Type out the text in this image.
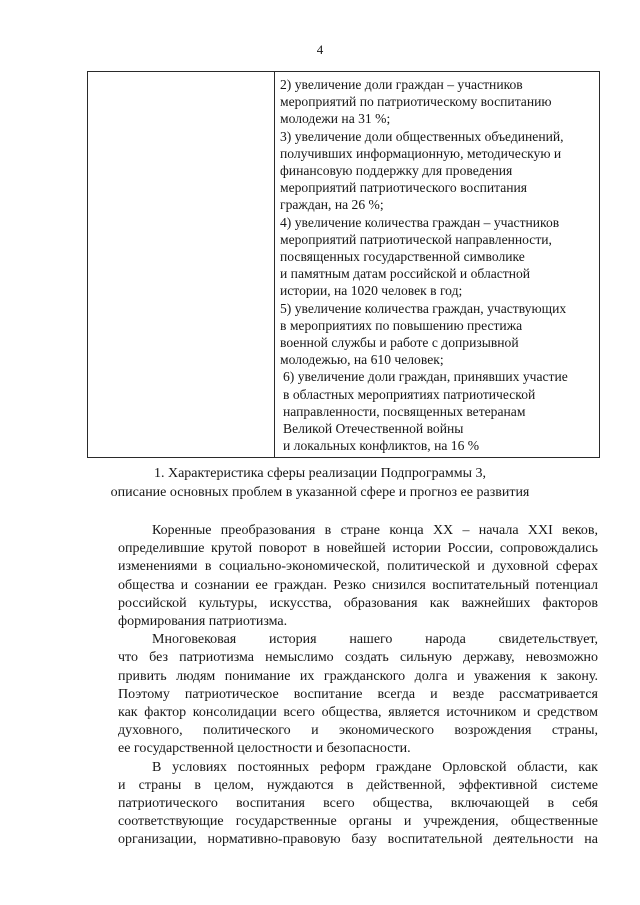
4
2) увеличение доли граждан – участников
мероприятий по патриотическому воспитанию
молодежи на 31 %;
3) увеличение доли общественных объединений,
получивших информационную, методическую и
финансовую поддержку для проведения
мероприятий патриотического воспитания
граждан, на 26 %;
4) увеличение количества граждан – участников
мероприятий патриотической направленности,
посвященных государственной символике
и памятным датам российской и областной
истории, на 1020 человек в год;
5) увеличение количества граждан, участвующих
в мероприятиях по повышению престижа
военной службы и работе с допризывной
молодежью, на 610 человек;
6) увеличение доли граждан, принявших участие
в областных мероприятиях патриотической
направленности, посвященных ветеранам
Великой Отечественной войны
и локальных конфликтов, на 16 %
1. Характеристика сферы реализации Подпрограммы 3,
описание основных проблем в указанной сфере и прогноз ее развития
Коренные преобразования в стране конца XX – начала XXI веков,
определившие крутой поворот в новейшей истории России, сопровождались
изменениями в социально-экономической, политической и духовной сферах
общества и сознании ее граждан. Резко снизился воспитательный потенциал
российской культуры, искусства, образования как важнейших факторов
формирования патриотизма.
Многовековая история нашего народа свидетельствует,
что без патриотизма немыслимо создать сильную державу, невозможно
привить людям понимание их гражданского долга и уважения к закону.
Поэтому патриотическое воспитание всегда и везде рассматривается
как фактор консолидации всего общества, является источником и средством
духовного, политического и экономического возрождения страны,
ее государственной целостности и безопасности.
В условиях постоянных реформ граждане Орловской области, как
и страны в целом, нуждаются в действенной, эффективной системе
патриотического воспитания всего общества, включающей в себя
соответствующие государственные органы и учреждения, общественные
организации, нормативно-правовую базу воспитательной деятельности на
